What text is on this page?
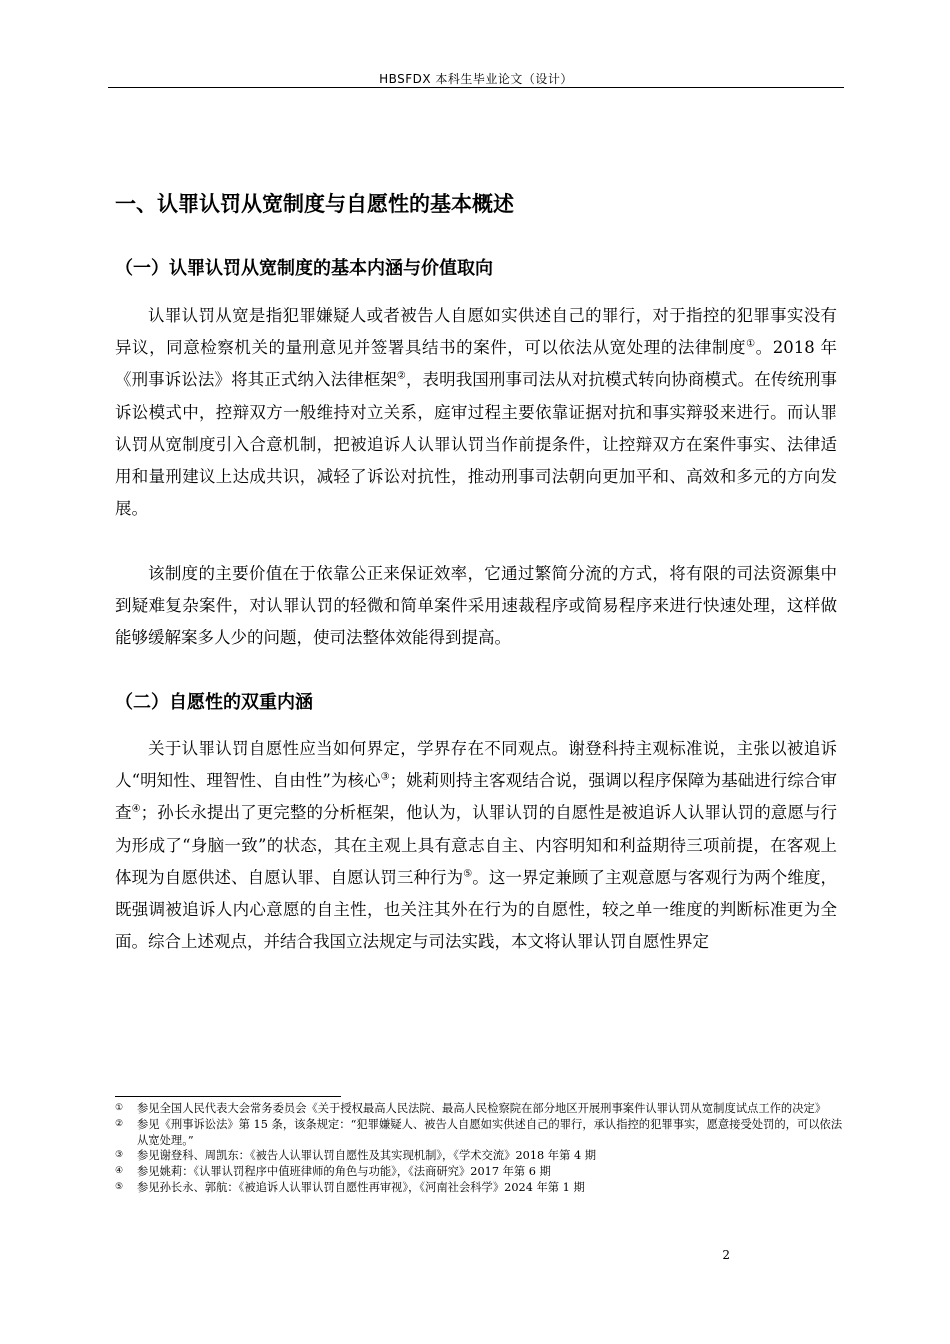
HBSFDX 本科生毕业论文（设计）
一、认罪认罚从宽制度与自愿性的基本概述
（一）认罪认罚从宽制度的基本内涵与价值取向

认罪认罚从宽是指犯罪嫌疑人或者被告人自愿如实供述自己的罪行，对于指控的犯罪事实没有异议，同意检察机关的量刑意见并签署具结书的案件，可以依法从宽处理的法律制度①。2018 年《刑事诉讼法》将其正式纳入法律框架②，表明我国刑事司法从对抗模式转向协商模式。在传统刑事诉讼模式中，控辩双方一般维持对立关系，庭审过程主要依靠证据对抗和事实辩驳来进行。而认罪认罚从宽制度引入合意机制，把被追诉人认罪认罚当作前提条件，让控辩双方在案件事实、法律适用和量刑建议上达成共识，减轻了诉讼对抗性，推动刑事司法朝向更加平和、高效和多元的方向发展。

该制度的主要价值在于依靠公正来保证效率，它通过繁简分流的方式，将有限的司法资源集中到疑难复杂案件，对认罪认罚的轻微和简单案件采用速裁程序或简易程序来进行快速处理，这样做能够缓解案多人少的问题，使司法整体效能得到提高。

（二）自愿性的双重内涵

关于认罪认罚自愿性应当如何界定，学界存在不同观点。谢登科持主观标准说，主张以被追诉人“明知性、理智性、自由性”为核心③；姚莉则持主客观结合说，强调以程序保障为基础进行综合审查④；孙长永提出了更完整的分析框架，他认为，认罪认罚的自愿性是被追诉人认罪认罚的意愿与行为形成了“身脑一致”的状态，其在主观上具有意志自主、内容明知和利益期待三项前提，在客观上体现为自愿供述、自愿认罪、自愿认罚三种行为⑤。这一界定兼顾了主观意愿与客观行为两个维度，既强调被追诉人内心意愿的自主性，也关注其外在行为的自愿性，较之单一维度的判断标准更为全面。综合上述观点，并结合我国立法规定与司法实践，本文将认罪认罚自愿性界定

① 参见全国人民代表大会常务委员会《关于授权最高人民法院、最高人民检察院在部分地区开展刑事案件认罪认罚从宽制度试点工作的决定》
② 参见《刑事诉讼法》第 15 条，该条规定：“犯罪嫌疑人、被告人自愿如实供述自己的罪行，承认指控的犯罪事实，愿意接受处罚的，可以依法从宽处理。”
③ 参见谢登科、周凯东：《被告人认罪认罚自愿性及其实现机制》，《学术交流》2018 年第 4 期
④ 参见姚莉：《认罪认罚程序中值班律师的角色与功能》，《法商研究》2017 年第 6 期
⑤ 参见孙长永、郭航：《被追诉人认罪认罚自愿性再审视》，《河南社会科学》2024 年第 1 期
2
